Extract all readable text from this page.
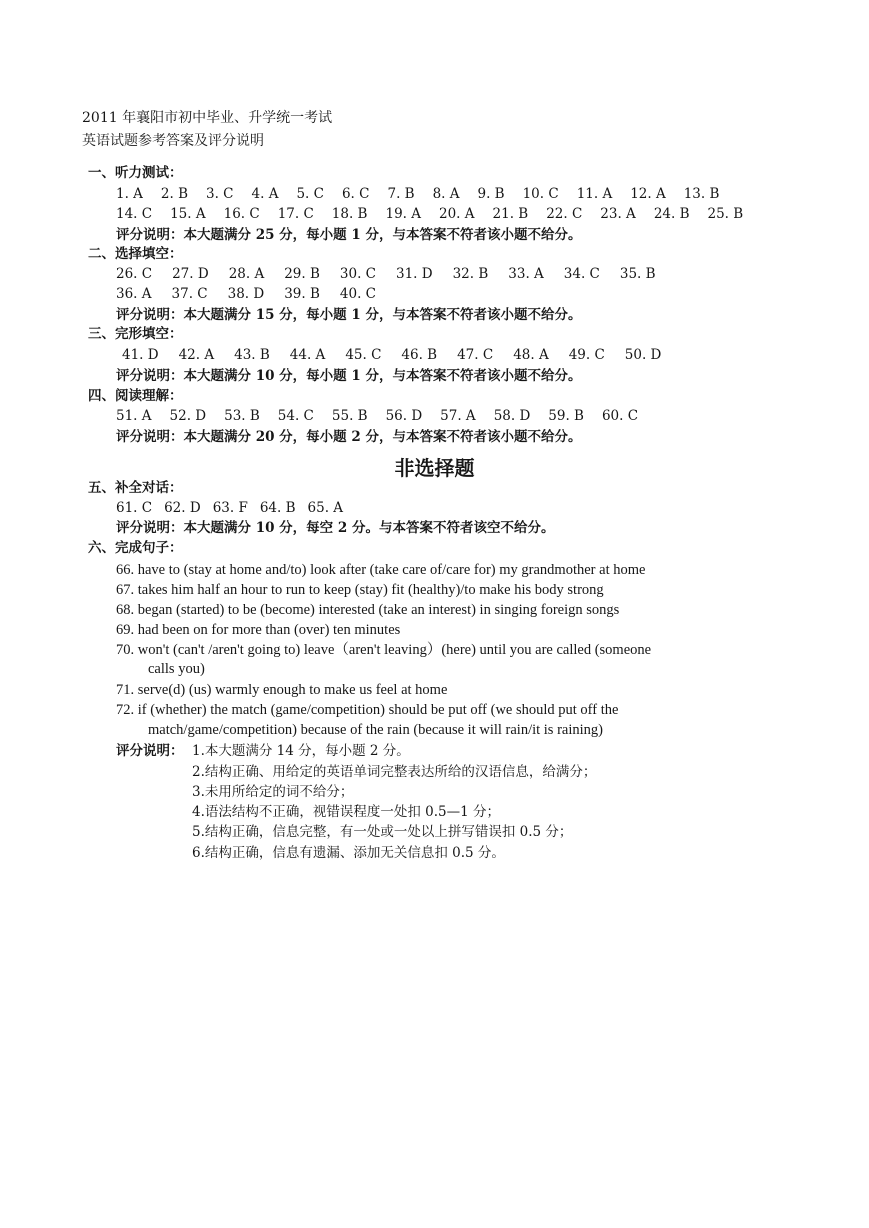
2011 年襄阳市初中毕业、升学统一考试
英语试题参考答案及评分说明
一、听力测试：
1. A 2. B 3. C 4. A 5. C 6. C 7. B 8. A 9. B 10. C 11. A 12. A 13. B
14. C 15. A 16. C 17. C 18. B 19. A 20. A 21. B 22. C 23. A 24. B 25. B
评分说明：本大题满分 25 分，每小题 1 分，与本答案不符者该小题不给分。
二、选择填空：
26. C 27. D 28. A 29. B 30. C 31. D 32. B 33. A 34. C 35. B
36. A 37. C 38. D 39. B 40. C
评分说明：本大题满分 15 分，每小题 1 分，与本答案不符者该小题不给分。
三、完形填空：
41. D 42. A 43. B 44. A 45. C 46. B 47. C 48. A 49. C 50. D
评分说明：本大题满分 10 分，每小题 1 分，与本答案不符者该小题不给分。
四、阅读理解：
51. A 52. D 53. B 54. C 55. B 56. D 57. A 58. D 59. B 60. C
评分说明：本大题满分 20 分，每小题 2 分，与本答案不符者该小题不给分。
非选择题
五、补全对话：
61. C 62. D 63. F 64. B 65. A
评分说明：本大题满分 10 分，每空 2 分。与本答案不符者该空不给分。
六、完成句子：
66. have to (stay at home and/to) look after (take care of/care for) my grandmother at home
67. takes him half an hour to run to keep (stay) fit (healthy)/to make his body strong
68. began (started) to be (become) interested (take an interest) in singing foreign songs
69. had been on for more than (over) ten minutes
70. won't (can't /aren't going to) leave（aren't leaving）(here) until you are called (someone
calls you)
71. serve(d) (us) warmly enough to make us feel at home
72. if (whether) the match (game/competition) should be put off (we should put off the
match/game/competition) because of the rain (because it will rain/it is raining)
评分说明： 1.本大题满分 14 分，每小题 2 分。
2.结构正确、用给定的英语单词完整表达所给的汉语信息，给满分；
3.未用所给定的词不给分；
4.语法结构不正确，视错误程度一处扣 0.5—1 分；
5.结构正确，信息完整，有一处或一处以上拼写错误扣 0.5 分；
6.结构正确，信息有遗漏、添加无关信息扣 0.5 分。
